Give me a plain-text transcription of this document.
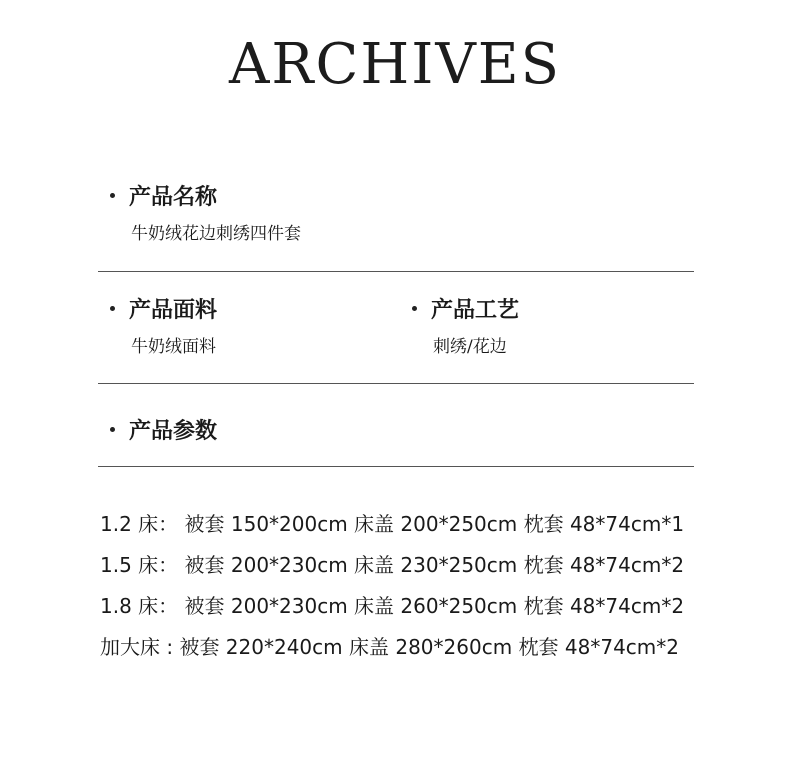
ARCHIVES
产品名称
牛奶绒花边刺绣四件套
产品面料
牛奶绒面料
产品工艺
刺绣/花边
产品参数
1.2 床： 被套 150*200cm 床盖 200*250cm 枕套 48*74cm*1
1.5 床： 被套 200*230cm 床盖 230*250cm 枕套 48*74cm*2
1.8 床： 被套 200*230cm 床盖 260*250cm 枕套 48*74cm*2
加大床 : 被套 220*240cm 床盖 280*260cm 枕套 48*74cm*2
